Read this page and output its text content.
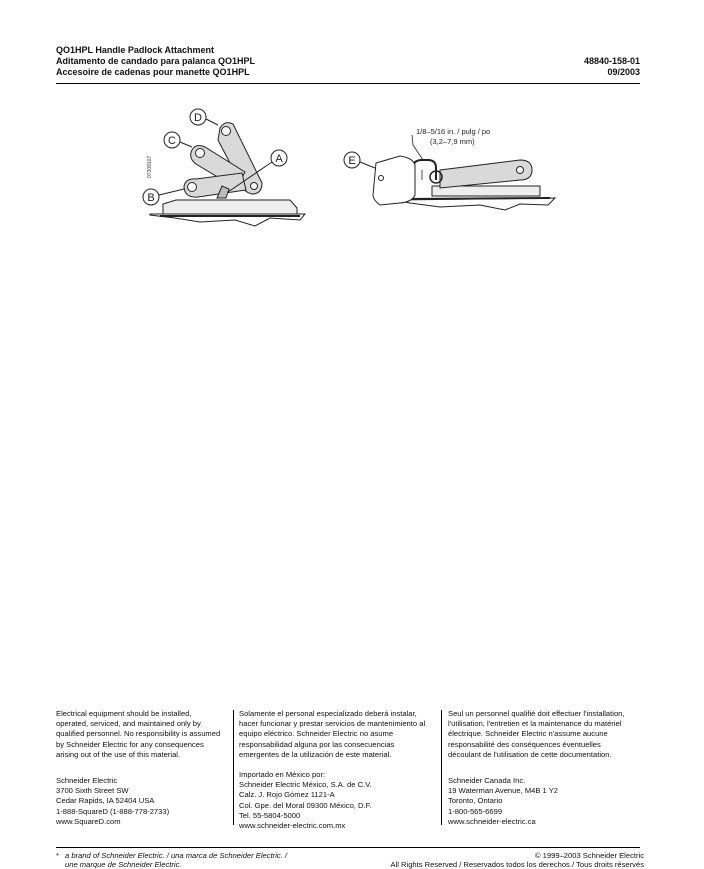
QO1HPL Handle Padlock Attachment
Aditamento de candado para palanca QO1HPL
Accesoire de cadenas pour manette QO1HPL
48840-158-01
09/2003
D
C
A
B
E
1/8–5/16 in. / pulg / po
(3,2–7,9 mm)
07309107

Electrical equipment should be installed,

operated, serviced, and maintained only by

qualified personnel. No responsibility is assumed

by Schneider Electric for any consequences

arising out of the use of this material.

Schneider Electric

3700 Sixth Street SW

Cedar Rapids, IA 52404 USA

1-888-SquareD (1-888-778-2733)

www.SquareD.com

Solamente el personal especializado deberá instalar,

hacer funcionar y prestar servicios de mantenimiento al

equipo eléctrico. Schneider Electric no asume

responsabilidad alguna por las consecuencias

emergentes de la utilización de este material.

Importado en México por:

Schneider Electric México, S.A. de C.V.

Calz. J. Rojo Gómez 1121-A

Col. Gpe. del Moral 09300 México, D.F.

Tel. 55-5804-5000

www.schneider-electric.com.mx

Seul un personnel qualifié doit effectuer l'installation,

l'utilisation, l'entretien et la maintenance du matériel

électrique. Schneider Electric n'assume aucune

responsabilité des conséquences éventuelles

découlant de l'utilisation de cette documentation.

Schneider Canada Inc.

19 Waterman Avenue, M4B 1 Y2

Toronto, Ontario

1-800-565-6699

www.schneider-electric.ca

* a brand of Schneider Electric. / una marca de Schneider Electric. /
une marque de Schneider Electric.
© 1999–2003 Schneider Electric
All Rights Reserved / Reservados todos los derechos / Tous droits réservés
